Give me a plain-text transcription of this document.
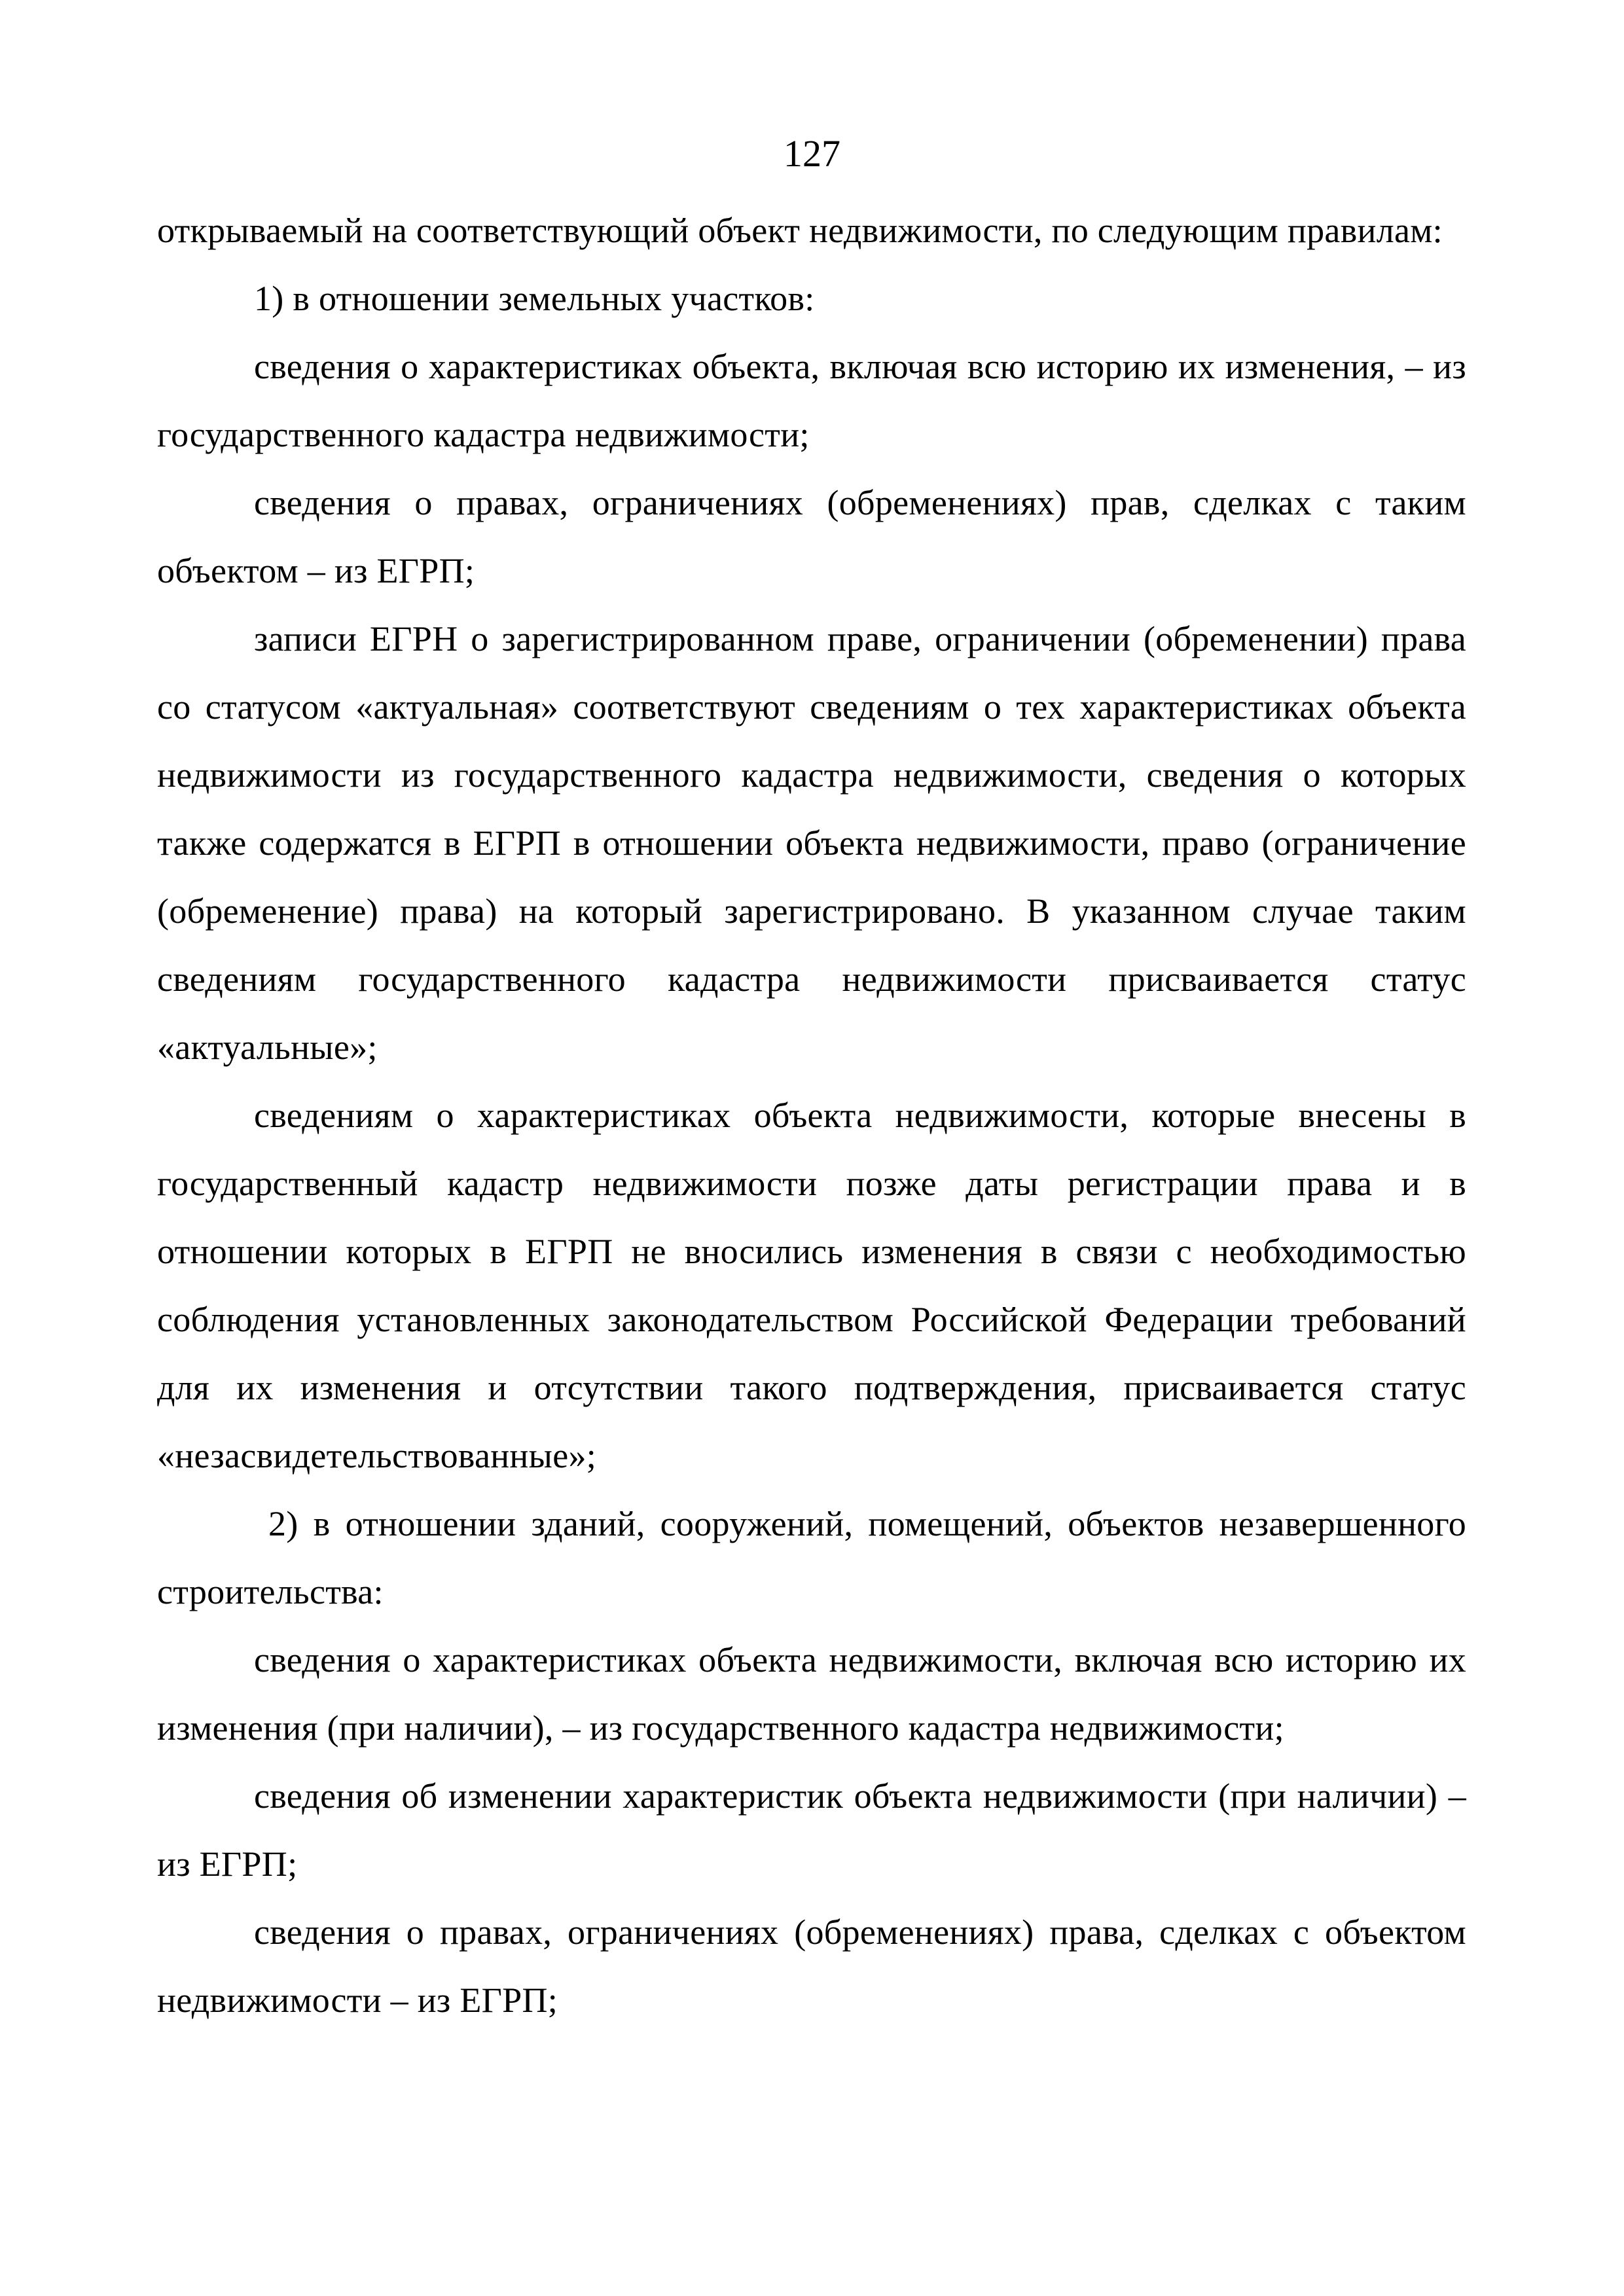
127

открываемый на соответствующий объект недвижимости, по следующим правилам:

1) в отношении земельных участков:

сведения о характеристиках объекта, включая всю историю их изменения, – из государственного кадастра недвижимости;

сведения о правах, ограничениях (обременениях) прав, сделках с таким объектом – из ЕГРП;

записи ЕГРН о зарегистрированном праве, ограничении (обременении) права со статусом «актуальная» соответствуют сведениям о тех характеристиках объекта недвижимости из государственного кадастра недвижимости, сведения о которых также содержатся в ЕГРП в отношении объекта недвижимости, право (ограничение (обременение) права) на который зарегистрировано. В указанном случае таким сведениям государственного кадастра недвижимости присваивается статус «актуальные»;

сведениям о характеристиках объекта недвижимости, которые внесены в государственный кадастр недвижимости позже даты регистрации права и в отношении которых в ЕГРП не вносились изменения в связи с необходимостью соблюдения установленных законодательством Российской Федерации требований для их изменения и отсутствии такого подтверждения, присваивается статус «незасвидетельствованные»;

2) в отношении зданий, сооружений, помещений, объектов незавершенного строительства:

сведения о характеристиках объекта недвижимости, включая всю историю их изменения (при наличии), – из государственного кадастра недвижимости;

сведения об изменении характеристик объекта недвижимости (при наличии) – из ЕГРП;

сведения о правах, ограничениях (обременениях) права, сделках с объектом недвижимости – из ЕГРП;
